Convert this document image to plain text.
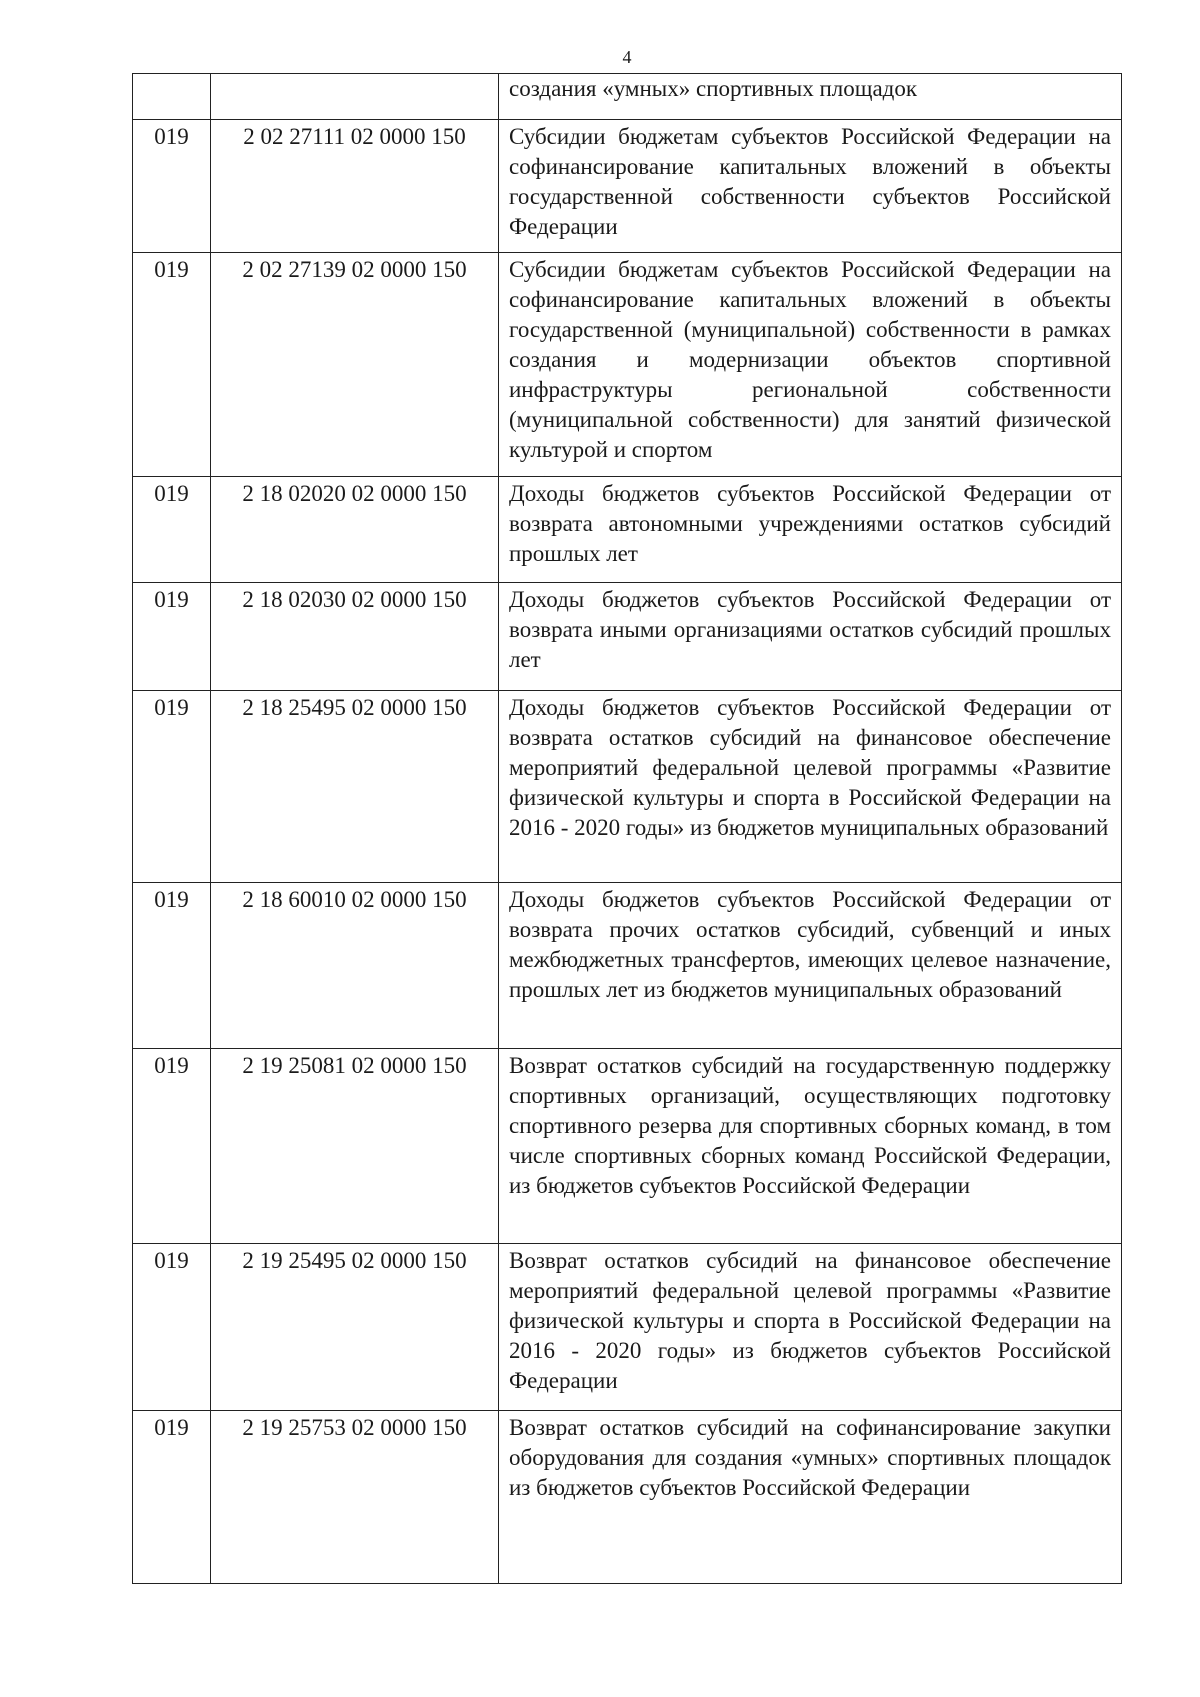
4
		создания «умных» спортивных площадок
019	2 02 27111 02 0000 150	Субсидии бюджетам субъектов Российской Федерации на софинансирование капитальных вложений в объекты государственной собственности субъектов Российской Федерации
019	2 02 27139 02 0000 150	Субсидии бюджетам субъектов Российской Федерации на софинансирование капитальных вложений в объекты государственной (муниципальной) собственности в рамках создания и модернизации объектов спортивной инфраструктуры региональной собственности (муниципальной собственности) для занятий физической культурой и спортом
019	2 18 02020 02 0000 150	Доходы бюджетов субъектов Российской Федерации от возврата автономными учреждениями остатков субсидий прошлых лет
019	2 18 02030 02 0000 150	Доходы бюджетов субъектов Российской Федерации от возврата иными организациями остатков субсидий прошлых лет
019	2 18 25495 02 0000 150	Доходы бюджетов субъектов Российской Федерации от возврата остатков субсидий на финансовое обеспечение мероприятий федеральной целевой программы «Развитие физической культуры и спорта в Российской Федерации на 2016 - 2020 годы» из бюджетов муниципальных образований
019	2 18 60010 02 0000 150	Доходы бюджетов субъектов Российской Федерации от возврата прочих остатков субсидий, субвенций и иных межбюджетных трансфертов, имеющих целевое назначение, прошлых лет из бюджетов муниципальных образований
019	2 19 25081 02 0000 150	Возврат остатков субсидий на государственную поддержку спортивных организаций, осуществляющих подготовку спортивного резерва для спортивных сборных команд, в том числе спортивных сборных команд Российской Федерации, из бюджетов субъектов Российской Федерации
019	2 19 25495 02 0000 150	Возврат остатков субсидий на финансовое обеспечение мероприятий федеральной целевой программы «Развитие физической культуры и спорта в Российской Федерации на 2016 - 2020 годы» из бюджетов субъектов Российской Федерации
019	2 19 25753 02 0000 150	Возврат остатков субсидий на софинансирование закупки оборудования для создания «умных» спортивных площадок из бюджетов субъектов Российской Федерации
